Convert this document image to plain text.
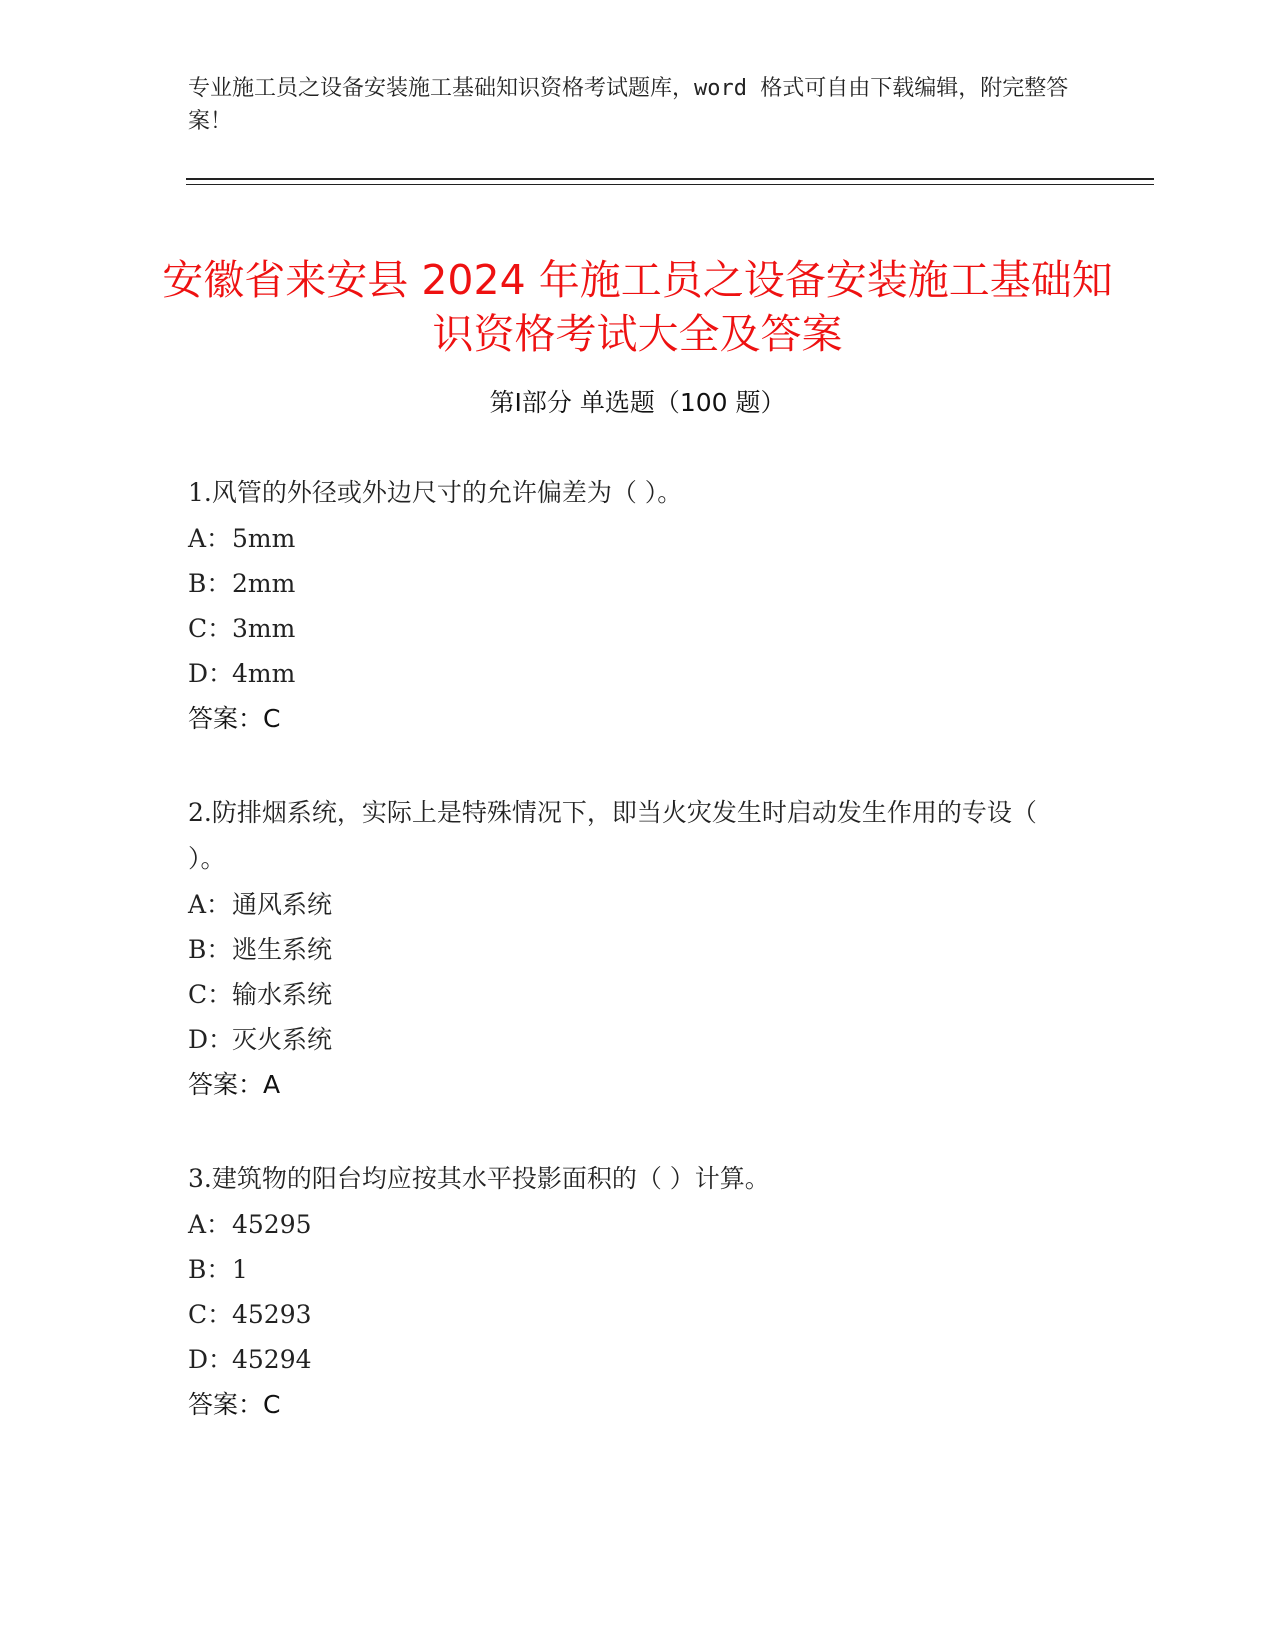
专业施工员之设备安装施工基础知识资格考试题库，word 格式可自由下载编辑，附完整答案！
安徽省来安县 2024 年施工员之设备安装施工基础知识资格考试大全及答案
第Ⅰ部分 单选题（100 题）

1.风管的外径或外边尺寸的允许偏差为（ ）。

A：5mm
B：2mm
C：3mm
D：4mm
答案：C

2.防排烟系统，实际上是特殊情况下，即当火灾发生时启动发生作用的专设（ ）。

A：通风系统
B：逃生系统
C：输水系统
D：灭火系统
答案：A

3.建筑物的阳台均应按其水平投影面积的（ ）计算。

A：45295
B：1
C：45293
D：45294
答案：C
